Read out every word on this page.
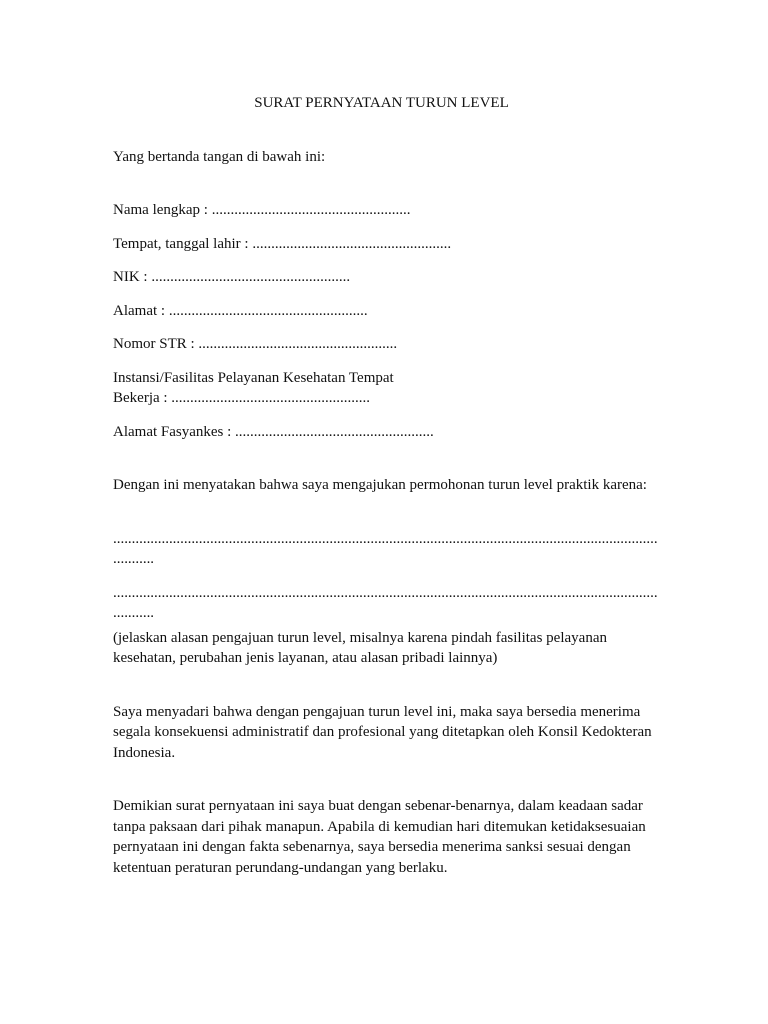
SURAT PERNYATAAN TURUN LEVEL

Yang bertanda tangan di bawah ini:

Nama lengkap : .....................................................

Tempat, tanggal lahir : .....................................................

NIK : .....................................................

Alamat : .....................................................

Nomor STR : .....................................................

Instansi/Fasilitas Pelayanan Kesehatan Tempat Bekerja : .....................................................

Alamat Fasyankes : .....................................................

Dengan ini menyatakan bahwa saya mengajukan permohonan turun level praktik karena:

.............................................................................................................................................................

.............................................................................................................................................................

(jelaskan alasan pengajuan turun level, misalnya karena pindah fasilitas pelayanan kesehatan, perubahan jenis layanan, atau alasan pribadi lainnya)

Saya menyadari bahwa dengan pengajuan turun level ini, maka saya bersedia menerima segala konsekuensi administratif dan profesional yang ditetapkan oleh Konsil Kedokteran Indonesia.

Demikian surat pernyataan ini saya buat dengan sebenar-benarnya, dalam keadaan sadar tanpa paksaan dari pihak manapun. Apabila di kemudian hari ditemukan ketidaksesuaian pernyataan ini dengan fakta sebenarnya, saya bersedia menerima sanksi sesuai dengan ketentuan peraturan perundang-undangan yang berlaku.
